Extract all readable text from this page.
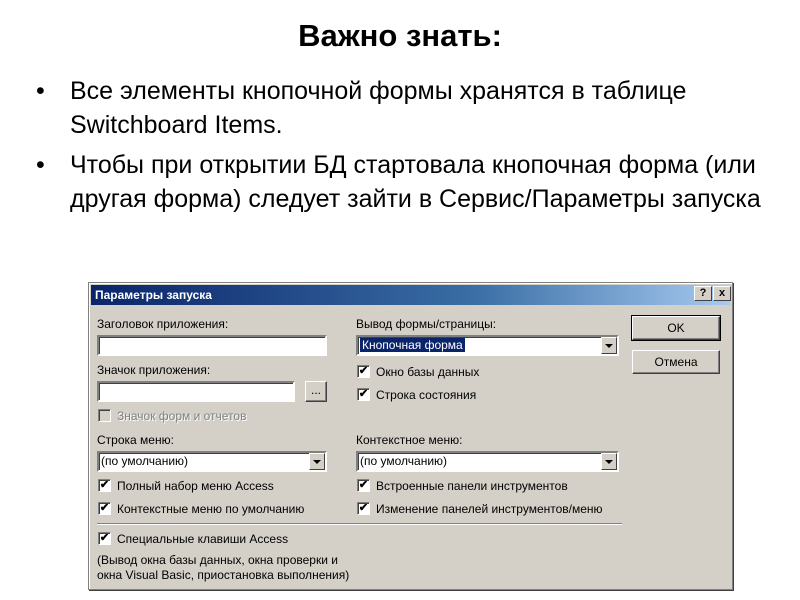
Важно знать:
• Все элементы кнопочной формы хранятся в таблице Switchboard Items.
• Чтобы при открытии БД стартовала кнопочная форма (или другая форма) следует зайти в Сервис/Параметры запуска
Параметры запуска	?	x
Заголовок приложения:
Значок приложения:
...
Значок форм и отчетов
Строка меню:
(по умолчанию)
✔ Полный набор меню Access
✔ Контекстные меню по умолчанию
Вывод формы/страницы:
Кнопочная форма
✔ Окно базы данных
✔ Строка состояния
Контекстное меню:
(по умолчанию)
✔ Встроенные панели инструментов
✔ Изменение панелей инструментов/меню
✔ Специальные клавиши Access
(Вывод окна базы данных, окна проверки и
окна Visual Basic, приостановка выполнения)
OK
Отмена
